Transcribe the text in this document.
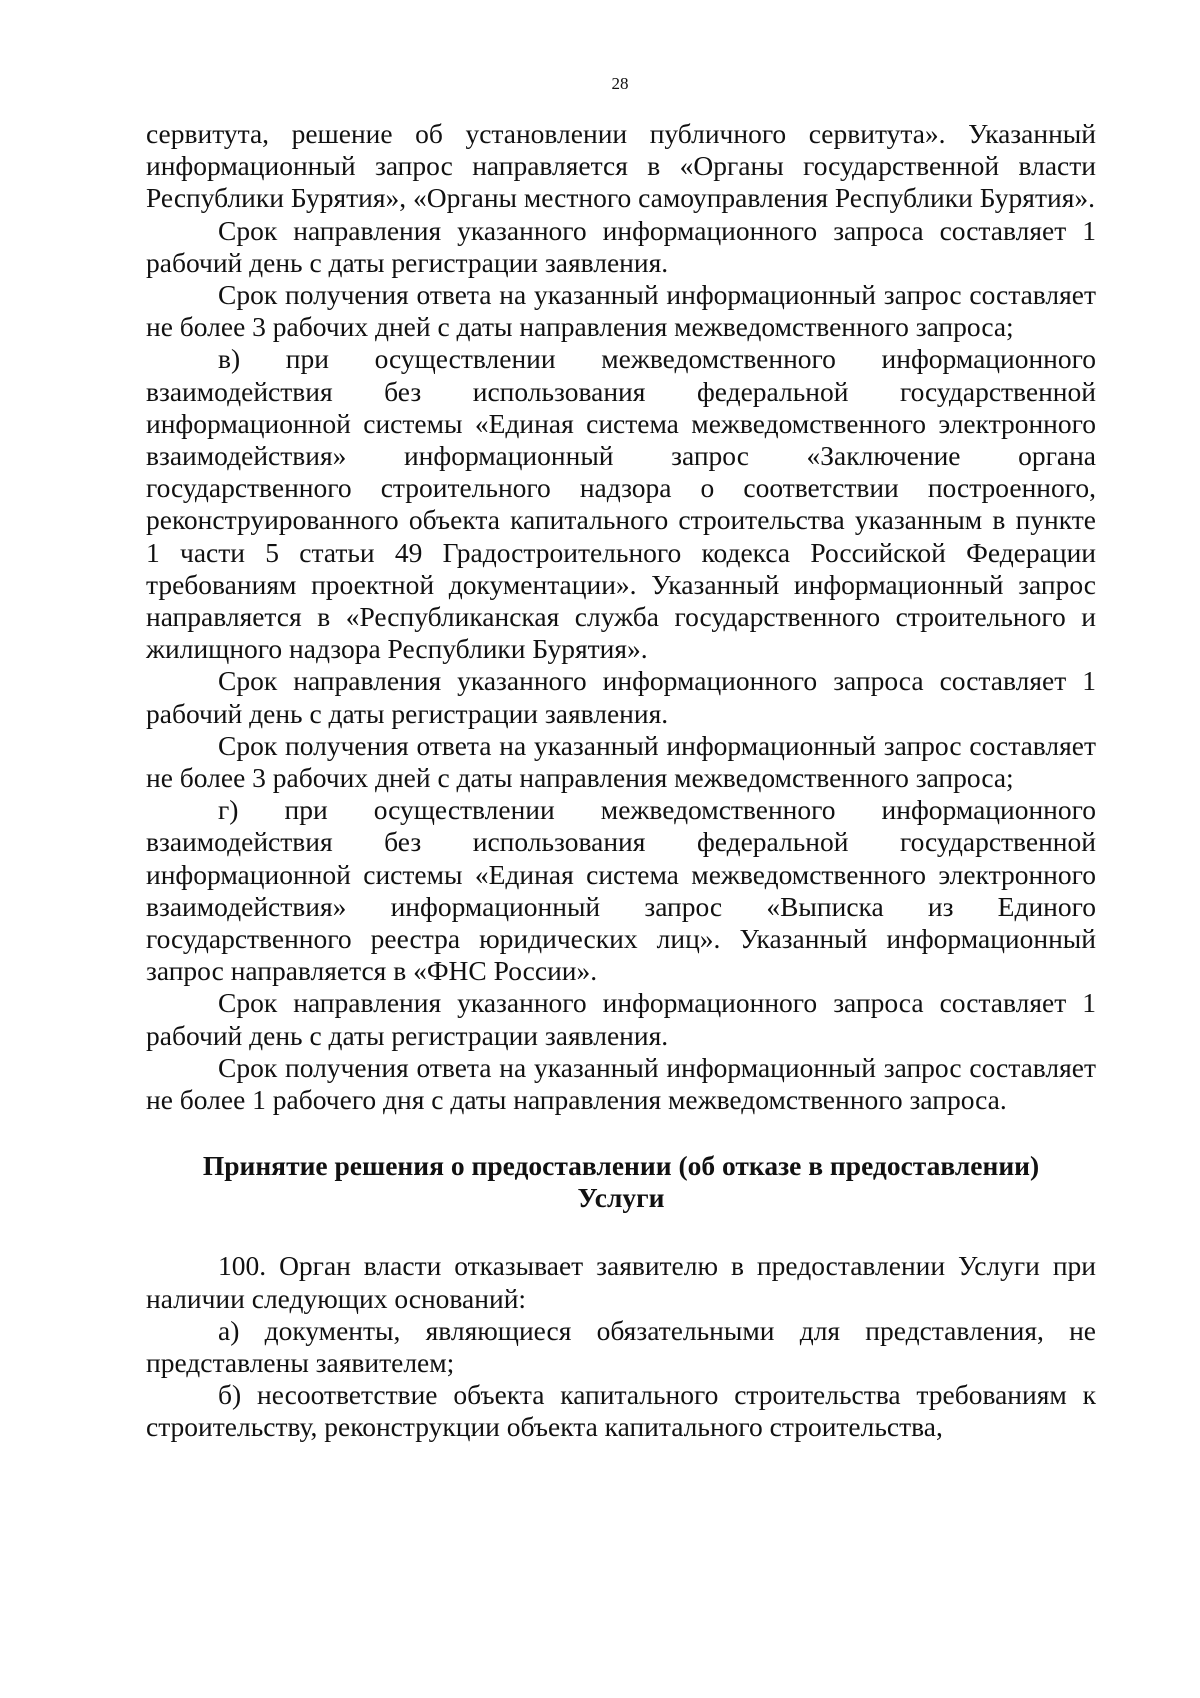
28

сервитута, решение об установлении публичного сервитута». Указанный информационный запрос направляется в «Органы государственной власти Республики Бурятия», «Органы местного самоуправления Республики Бурятия».

Срок направления указанного информационного запроса составляет 1 рабочий день с даты регистрации заявления.

Срок получения ответа на указанный информационный запрос составляет не более 3 рабочих дней с даты направления межведомственного запроса;

в) при осуществлении межведомственного информационного взаимодействия без использования федеральной государственной информационной системы «Единая система межведомственного электронного взаимодействия» информационный запрос «Заключение органа государственного строительного надзора о соответствии построенного, реконструированного объекта капитального строительства указанным в пункте 1 части 5 статьи 49 Градостроительного кодекса Российской Федерации требованиям проектной документации». Указанный информационный запрос направляется в «Республиканская служба государственного строительного и жилищного надзора Республики Бурятия».

Срок направления указанного информационного запроса составляет 1 рабочий день с даты регистрации заявления.

Срок получения ответа на указанный информационный запрос составляет не более 3 рабочих дней с даты направления межведомственного запроса;

г) при осуществлении межведомственного информационного взаимодействия без использования федеральной государственной информационной системы «Единая система межведомственного электронного взаимодействия» информационный запрос «Выписка из Единого государственного реестра юридических лиц». Указанный информационный запрос направляется в «ФНС России».

Срок направления указанного информационного запроса составляет 1 рабочий день с даты регистрации заявления.

Срок получения ответа на указанный информационный запрос составляет не более 1 рабочего дня с даты направления межведомственного запроса.

Принятие решения о предоставлении (об отказе в предоставлении)
Услуги

100. Орган власти отказывает заявителю в предоставлении Услуги при наличии следующих оснований:

а) документы, являющиеся обязательными для представления, не представлены заявителем;

б) несоответствие объекта капитального строительства требованиям к строительству, реконструкции объекта капитального строительства,
